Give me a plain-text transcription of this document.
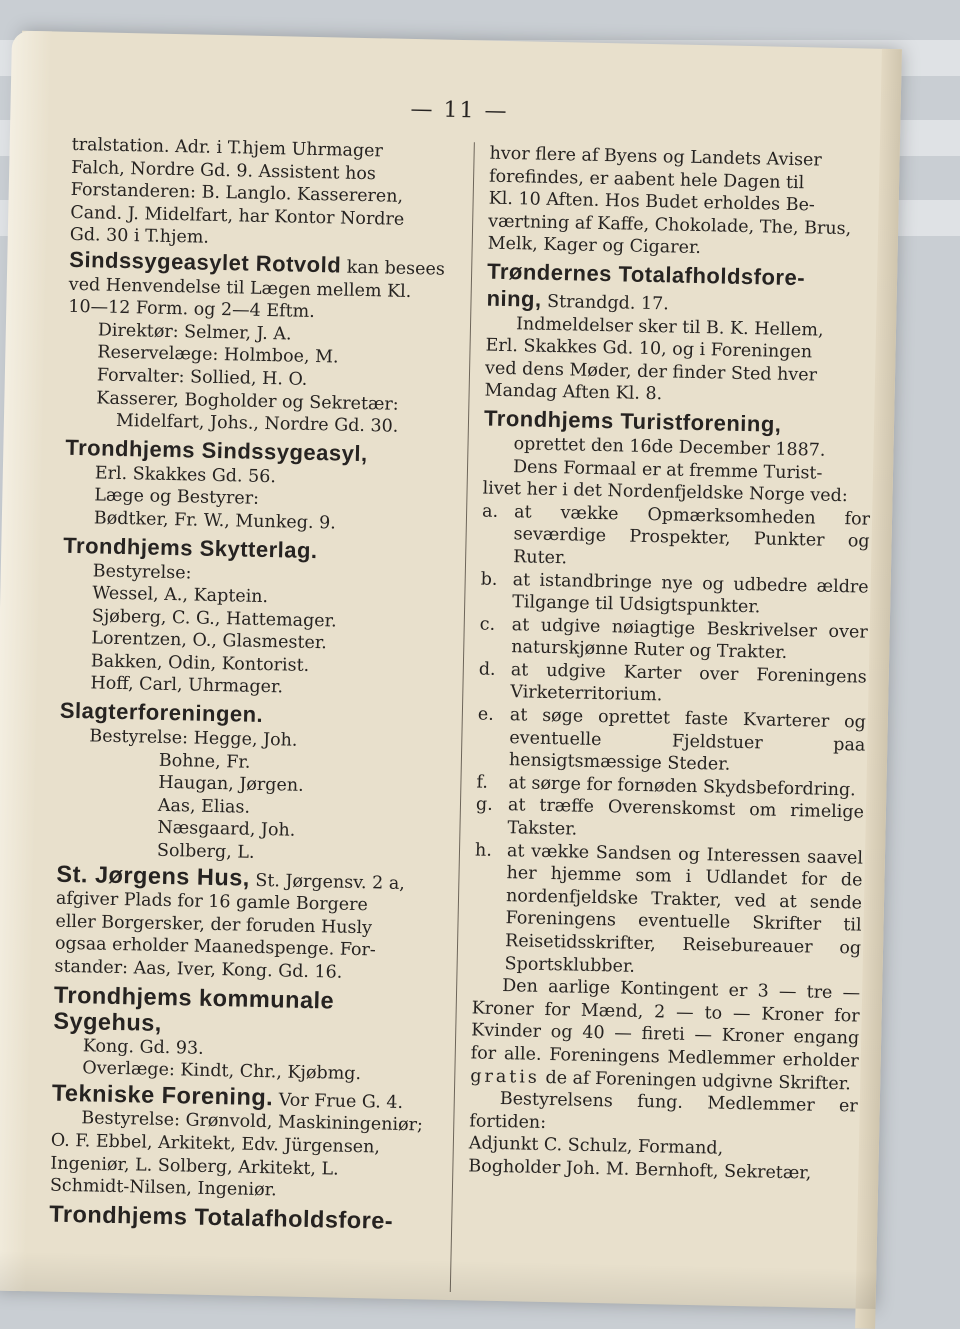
— 11 —

tralstation. Adr. i T.hjem Uhrmager

Falch, Nordre Gd. 9. Assistent hos

Forstanderen: B. Langlo. Kassereren,

Cand. J. Midelfart, har Kontor Nordre

Gd. 30 i T.hjem.

Sindssygeasylet Rotvold kan besees

ved Henvendelse til Lægen mellem Kl.

10—12 Form. og 2—4 Eftm.

Direktør: Selmer, J. A.

Reservelæge: Holmboe, M.

Forvalter: Sollied, H. O.

Kasserer, Bogholder og Sekretær:

Midelfart, Johs., Nordre Gd. 30.

Trondhjems Sindssygeasyl,

Erl. Skakkes Gd. 56.

Læge og Bestyrer:

Bødtker, Fr. W., Munkeg. 9.

Trondhjems Skytterlag.

Bestyrelse:

Wessel, A., Kaptein.

Sjøberg, C. G., Hattemager.

Lorentzen, O., Glasmester.

Bakken, Odin, Kontorist.

Hoff, Carl, Uhrmager.

Slagterforeningen.

Bestyrelse: Hegge, Joh.

Bohne, Fr.

Haugan, Jørgen.

Aas, Elias.

Næsgaard, Joh.

Solberg, L.

St. Jørgens Hus, St. Jørgensv. 2 a,

afgiver Plads for 16 gamle Borgere

eller Borgersker, der foruden Husly

ogsaa erholder Maanedspenge. For-

stander: Aas, Iver, Kong. Gd. 16.

Trondhjems kommunale Sygehus,

Kong. Gd. 93.

Overlæge: Kindt, Chr., Kjøbmg.

Tekniske Forening. Vor Frue G. 4.

Bestyrelse: Grønvold, Maskiningeniør;

O. F. Ebbel, Arkitekt, Edv. Jürgensen,

Ingeniør, L. Solberg, Arkitekt, L.

Schmidt-Nilsen, Ingeniør.

Trondhjems Totalafholdsfore-

hvor flere af Byens og Landets Aviser

forefindes, er aabent hele Dagen til

Kl. 10 Aften. Hos Budet erholdes Be-

værtning af Kaffe, Chokolade, The, Brus,

Melk, Kager og Cigarer.

Trøndernes Totalafholdsfore-

ning, Strandgd. 17.

Indmeldelser sker til B. K. Hellem,

Erl. Skakkes Gd. 10, og i Foreningen

ved dens Møder, der finder Sted hver

Mandag Aften Kl. 8.

Trondhjems Turistforening,

oprettet den 16de December 1887.

Dens Formaal er at fremme Turist-

livet her i det Nordenfjeldske Norge ved:

a. at vække Opmærksomheden for seværdige Prospekter, Punkter og Ruter.
b. at istandbringe nye og udbedre ældre Tilgange til Udsigtspunkter.
c. at udgive nøiagtige Beskrivelser over naturskjønne Ruter og Trakter.
d. at udgive Karter over Foreningens Virketerritorium.
e. at søge oprettet faste Kvarterer og eventuelle Fjeldstuer paa hensigtsmæssige Steder.
f.	at sørge for fornøden Skydsbefordring.
g. at træffe Overenskomst om rimelige Takster.
h. at vække Sandsen og Interessen saavel her hjemme som i Udlandet for de nordenfjeldske Trakter, ved at sende Foreningens eventuelle Skrifter til Reisetidsskrifter, Reisebureauer og Sportsklubber.

Den aarlige Kontingent er 3 — tre — Kroner for Mænd, 2 — to — Kroner for Kvinder og 40 — fireti — Kroner engang for alle. Foreningens Medlemmer erholder gratis de af Foreningen udgivne Skrifter.

Bestyrelsens fung. Medlemmer er fortiden:

Adjunkt C. Schulz, Formand,

Bogholder Joh. M. Bernhoft, Sekretær,
